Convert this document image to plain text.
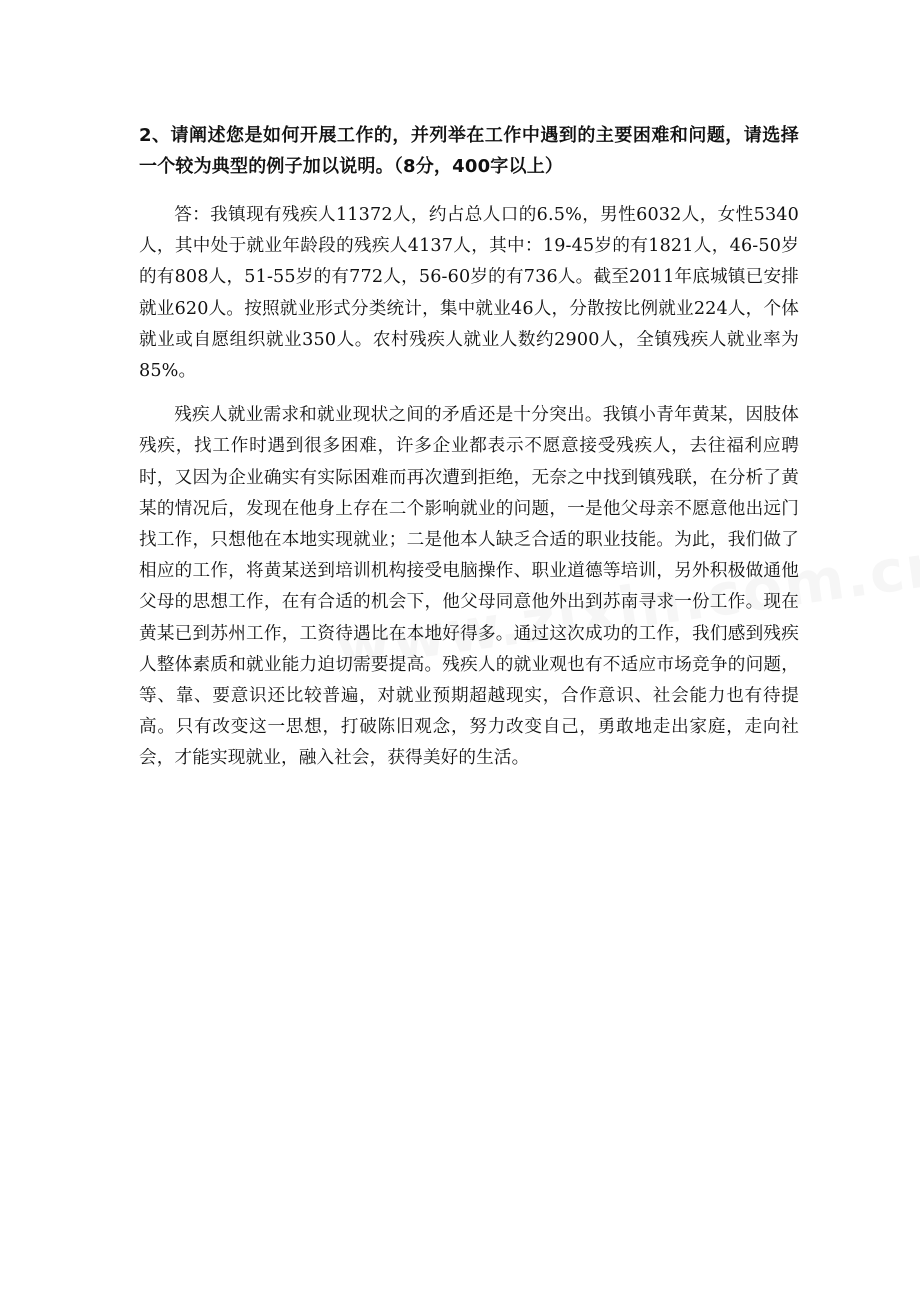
2、请阐述您是如何开展工作的，并列举在工作中遇到的主要困难和问题，请选择一个较为典型的例子加以说明。（8分，400字以上）

答：我镇现有残疾人11372人，约占总人口的6.5%，男性6032人，女性5340人，其中处于就业年龄段的残疾人4137人，其中：19-45岁的有1821人，46-50岁的有808人，51-55岁的有772人，56-60岁的有736人。截至2011年底城镇已安排就业620人。按照就业形式分类统计，集中就业46人，分散按比例就业224人，个体就业或自愿组织就业350人。农村残疾人就业人数约2900人，全镇残疾人就业率为85%。

残疾人就业需求和就业现状之间的矛盾还是十分突出。我镇小青年黄某，因肢体残疾，找工作时遇到很多困难，许多企业都表示不愿意接受残疾人，去往福利应聘时，又因为企业确实有实际困难而再次遭到拒绝，无奈之中找到镇残联，在分析了黄某的情况后，发现在他身上存在二个影响就业的问题，一是他父母亲不愿意他出远门找工作，只想他在本地实现就业；二是他本人缺乏合适的职业技能。为此，我们做了相应的工作，将黄某送到培训机构接受电脑操作、职业道德等培训，另外积极做通他父母的思想工作，在有合适的机会下，他父母同意他外出到苏南寻求一份工作。现在黄某已到苏州工作，工资待遇比在本地好得多。通过这次成功的工作，我们感到残疾人整体素质和就业能力迫切需要提高。残疾人的就业观也有不适应市场竞争的问题，等、靠、要意识还比较普遍，对就业预期超越现实，合作意识、社会能力也有待提高。只有改变这一思想，打破陈旧观念，努力改变自己，勇敢地走出家庭，走向社会，才能实现就业，融入社会，获得美好的生活。
